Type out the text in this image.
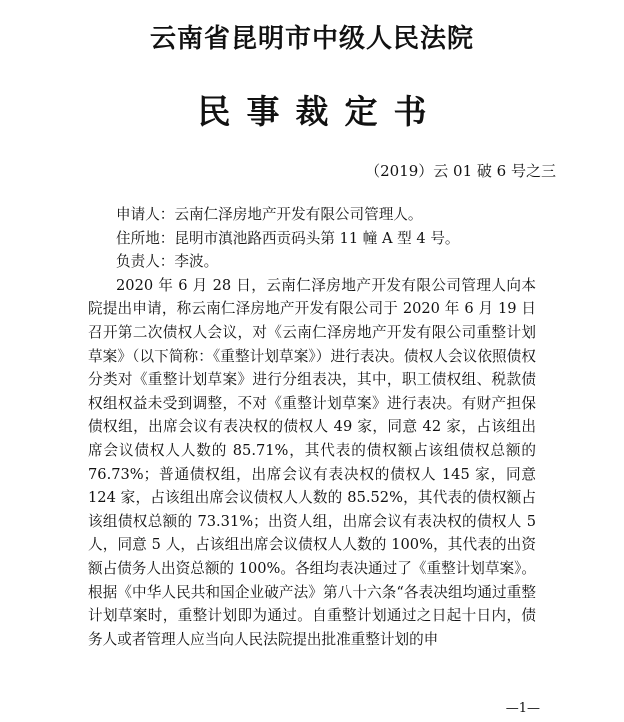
云南省昆明市中级人民法院
民事裁定书
（2019）云 01 破 6 号之三
申请人：云南仁泽房地产开发有限公司管理人。
住所地：昆明市滇池路西贡码头第 11 幢 A 型 4 号。
负责人：李波。

2020 年 6 月 28 日，云南仁泽房地产开发有限公司管理人向本院提出申请，称云南仁泽房地产开发有限公司于 2020 年 6 月 19 日召开第二次债权人会议，对《云南仁泽房地产开发有限公司重整计划草案》（以下简称：《重整计划草案》）进行表决。债权人会议依照债权分类对《重整计划草案》进行分组表决，其中，职工债权组、税款债权组权益未受到调整，不对《重整计划草案》进行表决。有财产担保债权组，出席会议有表决权的债权人 49 家，同意 42 家，占该组出席会议债权人人数的 85.71%，其代表的债权额占该组债权总额的 76.73%；普通债权组，出席会议有表决权的债权人 145 家，同意 124 家，占该组出席会议债权人人数的 85.52%，其代表的债权额占该组债权总额的 73.31%；出资人组，出席会议有表决权的债权人 5 人，同意 5 人，占该组出席会议债权人人数的 100%，其代表的出资额占债务人出资总额的 100%。各组均表决通过了《重整计划草案》。根据《中华人民共和国企业破产法》第八十六条“各表决组均通过重整计划草案时，重整计划即为通过。自重整计划通过之日起十日内，债务人或者管理人应当向人民法院提出批准重整计划的申

—1—
